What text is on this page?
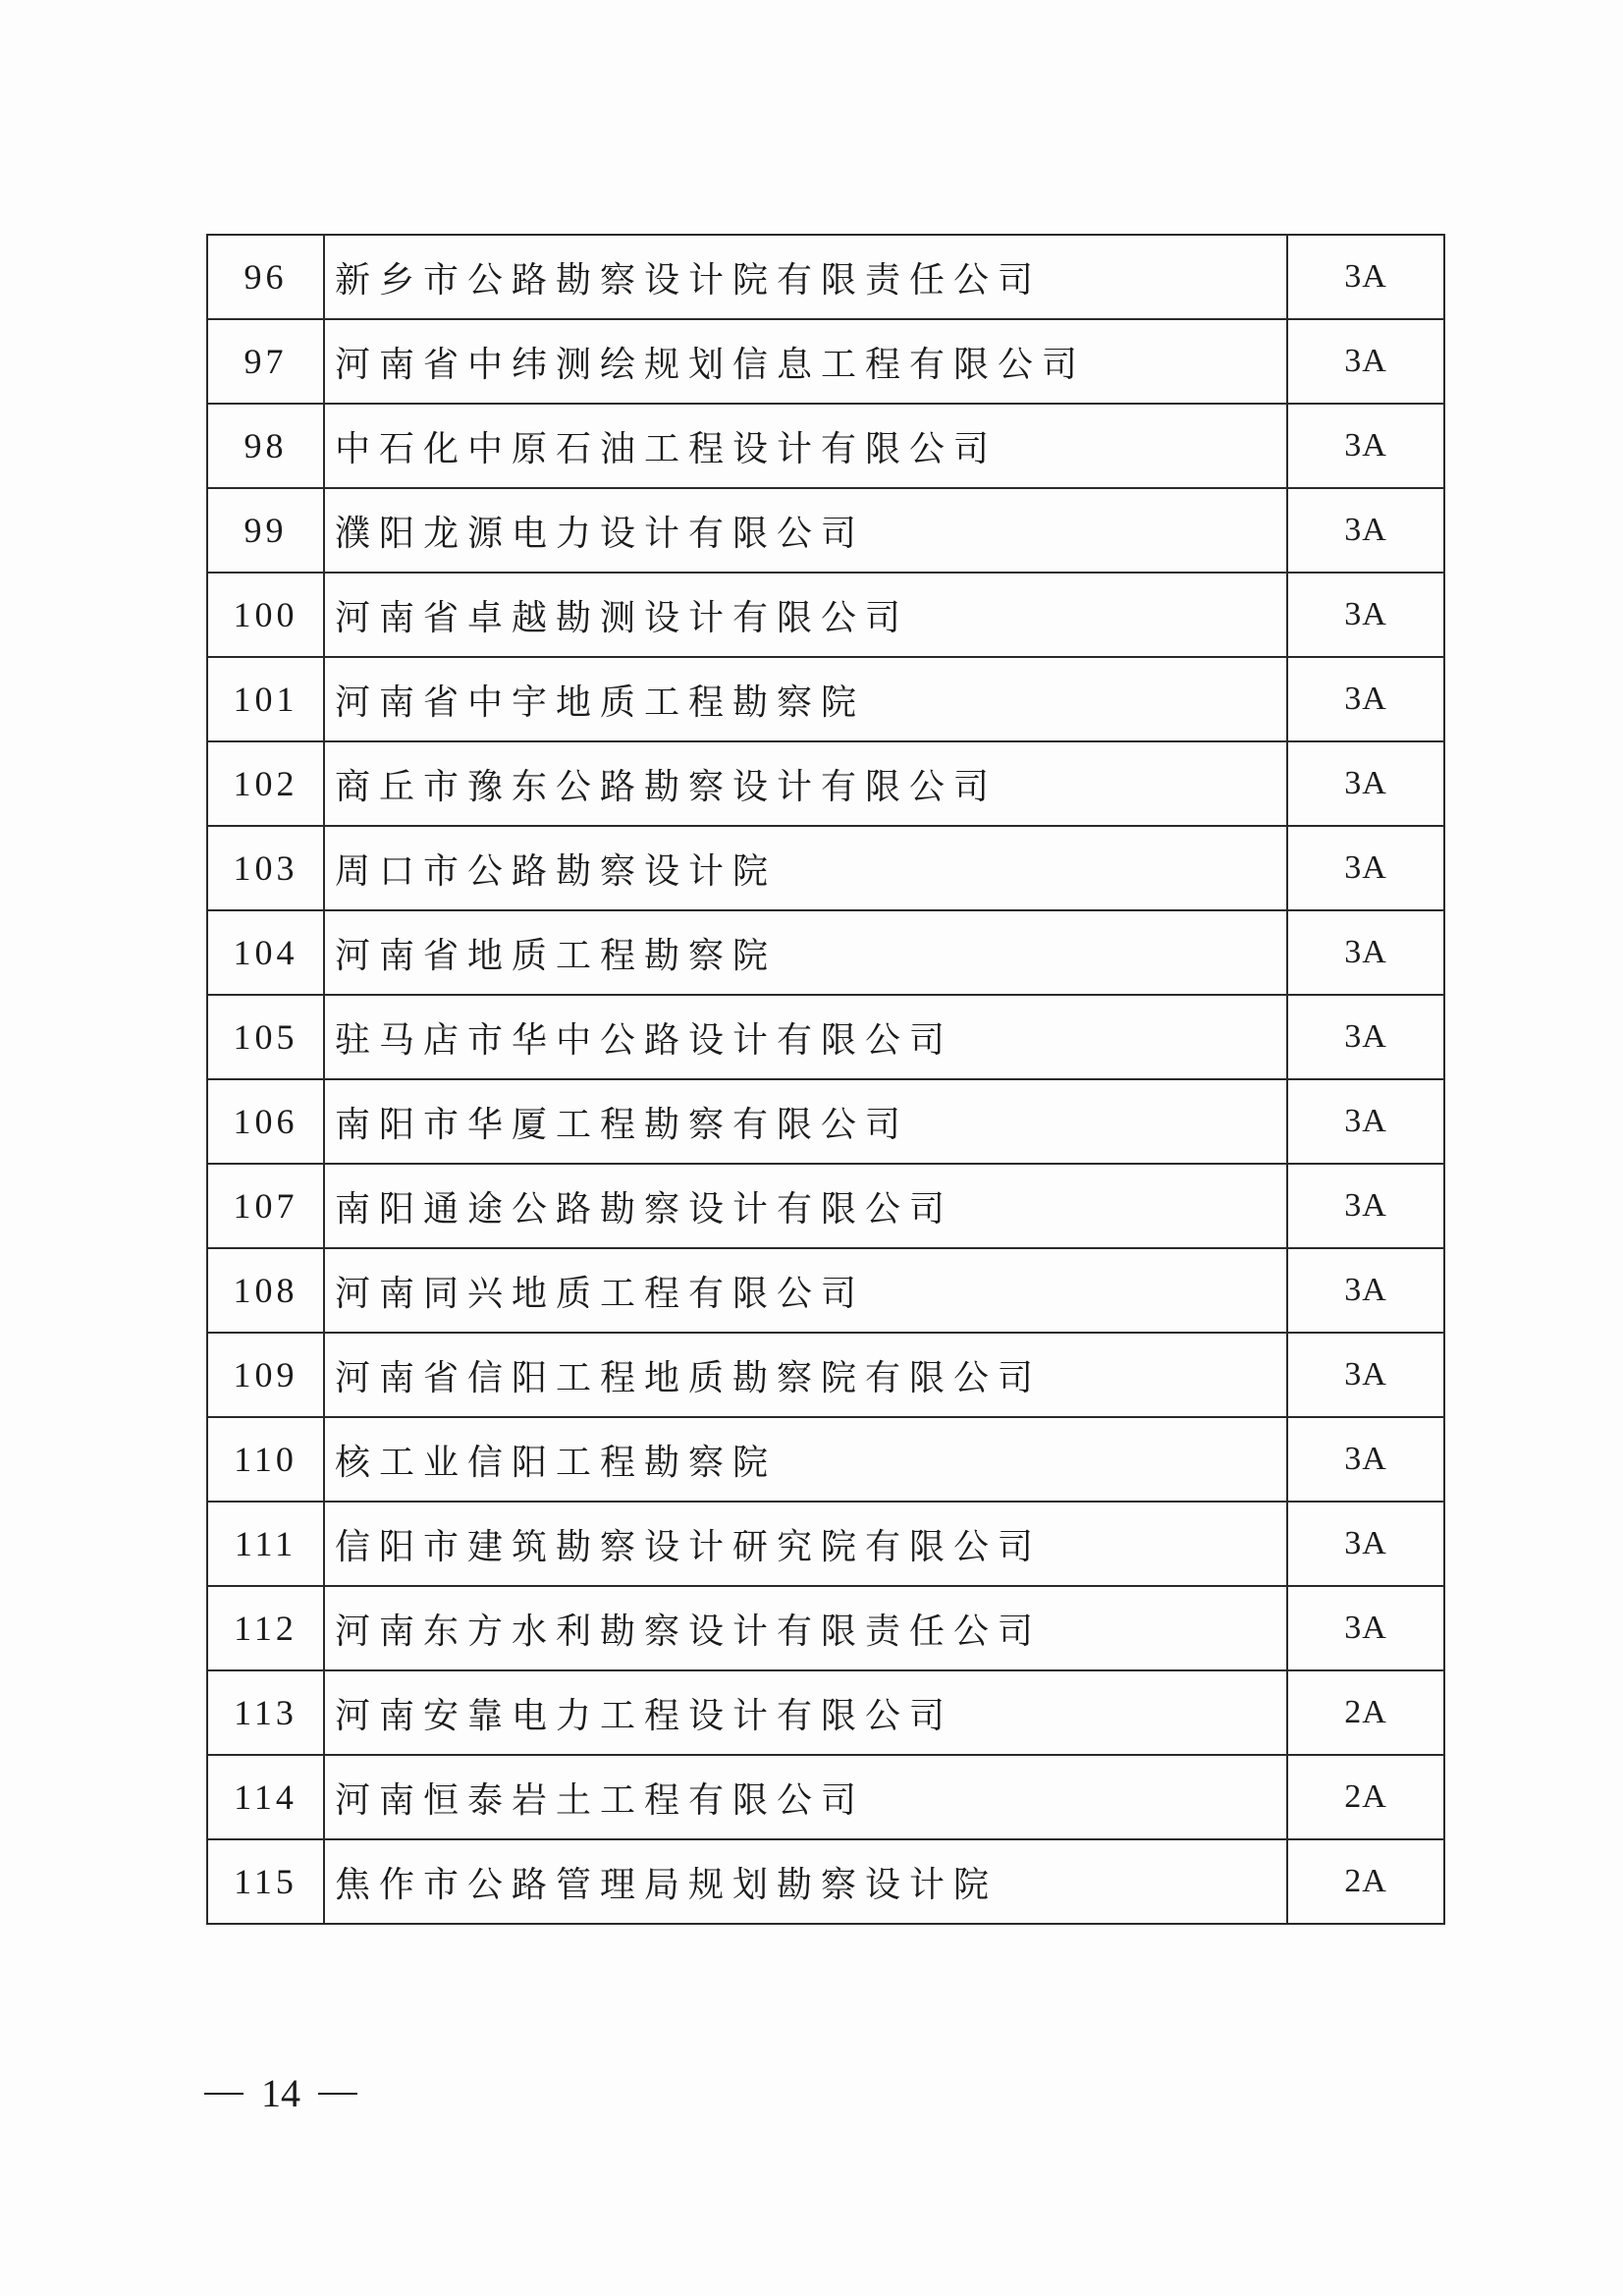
96	新乡市公路勘察设计院有限责任公司	3A
97	河南省中纬测绘规划信息工程有限公司	3A
98	中石化中原石油工程设计有限公司	3A
99	濮阳龙源电力设计有限公司	3A
100	河南省卓越勘测设计有限公司	3A
101	河南省中宇地质工程勘察院	3A
102	商丘市豫东公路勘察设计有限公司	3A
103	周口市公路勘察设计院	3A
104	河南省地质工程勘察院	3A
105	驻马店市华中公路设计有限公司	3A
106	南阳市华厦工程勘察有限公司	3A
107	南阳通途公路勘察设计有限公司	3A
108	河南同兴地质工程有限公司	3A
109	河南省信阳工程地质勘察院有限公司	3A
110	核工业信阳工程勘察院	3A
111	信阳市建筑勘察设计研究院有限公司	3A
112	河南东方水利勘察设计有限责任公司	3A
113	河南安靠电力工程设计有限公司	2A
114	河南恒泰岩土工程有限公司	2A
115	焦作市公路管理局规划勘察设计院	2A
14
